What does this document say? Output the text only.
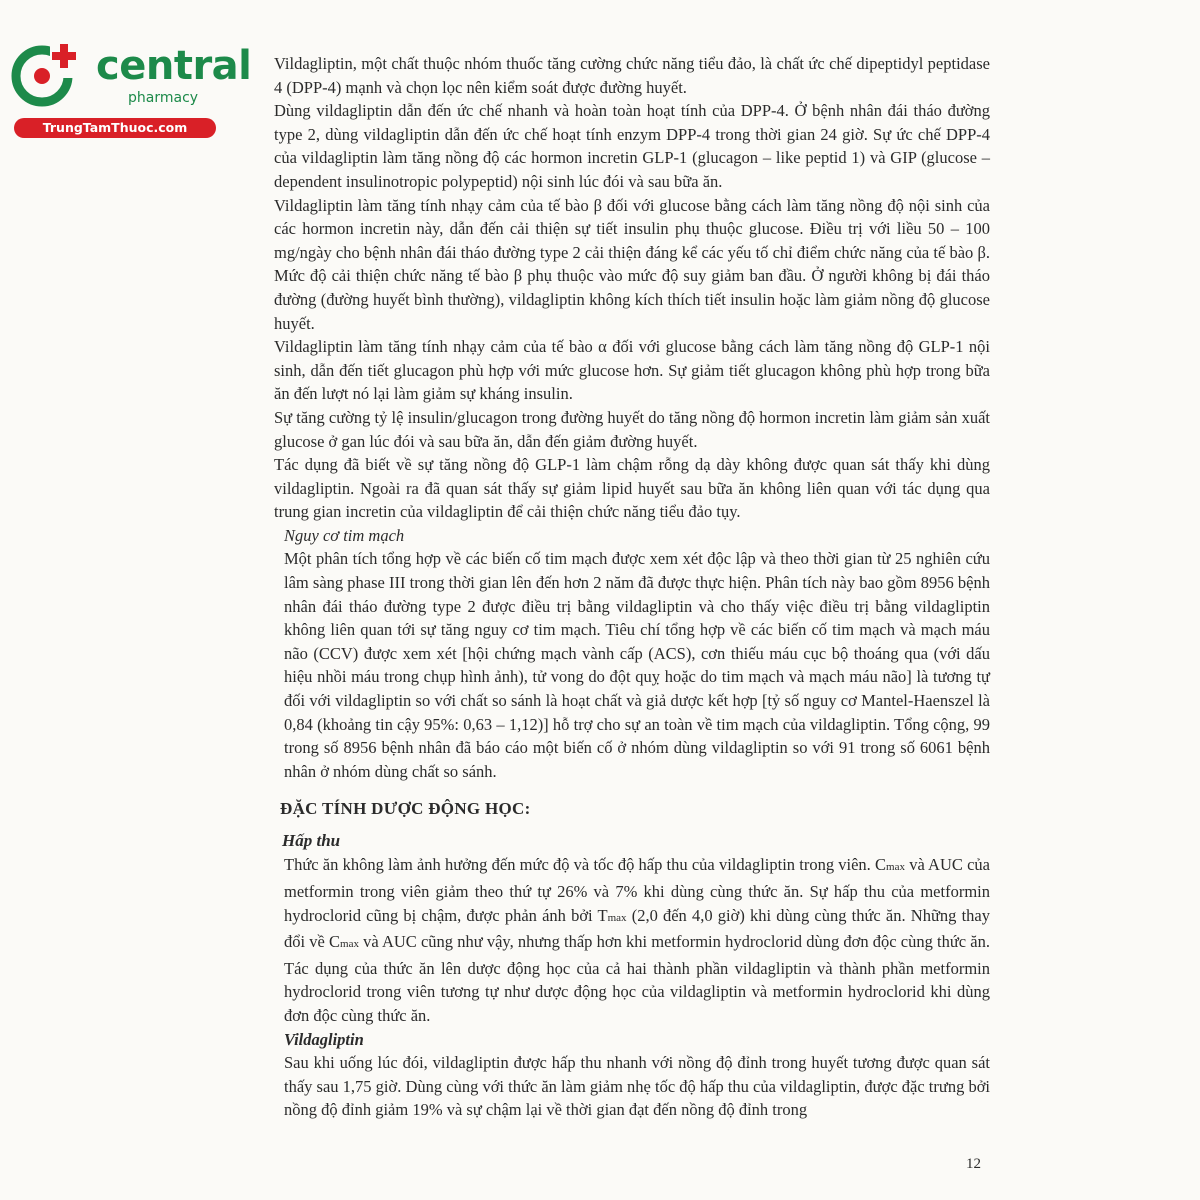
central
pharmacy
TrungTamThuoc.com

Vildagliptin, một chất thuộc nhóm thuốc tăng cường chức năng tiểu đảo, là chất ức chế dipeptidyl peptidase 4 (DPP-4) mạnh và chọn lọc nên kiểm soát được đường huyết.

Dùng vildagliptin dẫn đến ức chế nhanh và hoàn toàn hoạt tính của DPP-4. Ở bệnh nhân đái tháo đường type 2, dùng vildagliptin dẫn đến ức chế hoạt tính enzym DPP-4 trong thời gian 24 giờ. Sự ức chế DPP-4 của vildagliptin làm tăng nồng độ các hormon incretin GLP-1 (glucagon – like peptid 1) và GIP (glucose – dependent insulinotropic polypeptid) nội sinh lúc đói và sau bữa ăn.

Vildagliptin làm tăng tính nhạy cảm của tế bào β đối với glucose bằng cách làm tăng nồng độ nội sinh của các hormon incretin này, dẫn đến cải thiện sự tiết insulin phụ thuộc glucose. Điều trị với liều 50 – 100 mg/ngày cho bệnh nhân đái tháo đường type 2 cải thiện đáng kể các yếu tố chỉ điểm chức năng của tế bào β. Mức độ cải thiện chức năng tế bào β phụ thuộc vào mức độ suy giảm ban đầu. Ở người không bị đái tháo đường (đường huyết bình thường), vildagliptin không kích thích tiết insulin hoặc làm giảm nồng độ glucose huyết.

Vildagliptin làm tăng tính nhạy cảm của tế bào α đối với glucose bằng cách làm tăng nồng độ GLP-1 nội sinh, dẫn đến tiết glucagon phù hợp với mức glucose hơn. Sự giảm tiết glucagon không phù hợp trong bữa ăn đến lượt nó lại làm giảm sự kháng insulin.

Sự tăng cường tỷ lệ insulin/glucagon trong đường huyết do tăng nồng độ hormon incretin làm giảm sản xuất glucose ở gan lúc đói và sau bữa ăn, dẫn đến giảm đường huyết.

Tác dụng đã biết về sự tăng nồng độ GLP-1 làm chậm rỗng dạ dày không được quan sát thấy khi dùng vildagliptin. Ngoài ra đã quan sát thấy sự giảm lipid huyết sau bữa ăn không liên quan với tác dụng qua trung gian incretin của vildagliptin để cải thiện chức năng tiểu đảo tụy.

Nguy cơ tim mạch

Một phân tích tổng hợp về các biến cố tim mạch được xem xét độc lập và theo thời gian từ 25 nghiên cứu lâm sàng phase III trong thời gian lên đến hơn 2 năm đã được thực hiện. Phân tích này bao gồm 8956 bệnh nhân đái tháo đường type 2 được điều trị bằng vildagliptin và cho thấy việc điều trị bằng vildagliptin không liên quan tới sự tăng nguy cơ tim mạch. Tiêu chí tổng hợp về các biến cố tim mạch và mạch máu não (CCV) được xem xét [hội chứng mạch vành cấp (ACS), cơn thiếu máu cục bộ thoáng qua (với dấu hiệu nhồi máu trong chụp hình ảnh), tử vong do đột quỵ hoặc do tim mạch và mạch máu não] là tương tự đối với vildagliptin so với chất so sánh là hoạt chất và giả dược kết hợp [tỷ số nguy cơ Mantel-Haenszel là 0,84 (khoảng tin cậy 95%: 0,63 – 1,12)] hỗ trợ cho sự an toàn về tim mạch của vildagliptin. Tổng cộng, 99 trong số 8956 bệnh nhân đã báo cáo một biến cố ở nhóm dùng vildagliptin so với 91 trong số 6061 bệnh nhân ở nhóm dùng chất so sánh.

ĐẶC TÍNH DƯỢC ĐỘNG HỌC:
Hấp thu

Thức ăn không làm ảnh hưởng đến mức độ và tốc độ hấp thu của vildagliptin trong viên. Cmax và AUC của metformin trong viên giảm theo thứ tự 26% và 7% khi dùng cùng thức ăn. Sự hấp thu của metformin hydroclorid cũng bị chậm, được phản ánh bởi Tmax (2,0 đến 4,0 giờ) khi dùng cùng thức ăn. Những thay đổi về Cmax và AUC cũng như vậy, nhưng thấp hơn khi metformin hydroclorid dùng đơn độc cùng thức ăn. Tác dụng của thức ăn lên dược động học của cả hai thành phần vildagliptin và thành phần metformin hydroclorid trong viên tương tự như dược động học của vildagliptin và metformin hydroclorid khi dùng đơn độc cùng thức ăn.

Vildagliptin

Sau khi uống lúc đói, vildagliptin được hấp thu nhanh với nồng độ đỉnh trong huyết tương được quan sát thấy sau 1,75 giờ. Dùng cùng với thức ăn làm giảm nhẹ tốc độ hấp thu của vildagliptin, được đặc trưng bởi nồng độ đỉnh giảm 19% và sự chậm lại về thời gian đạt đến nồng độ đỉnh trong

12
